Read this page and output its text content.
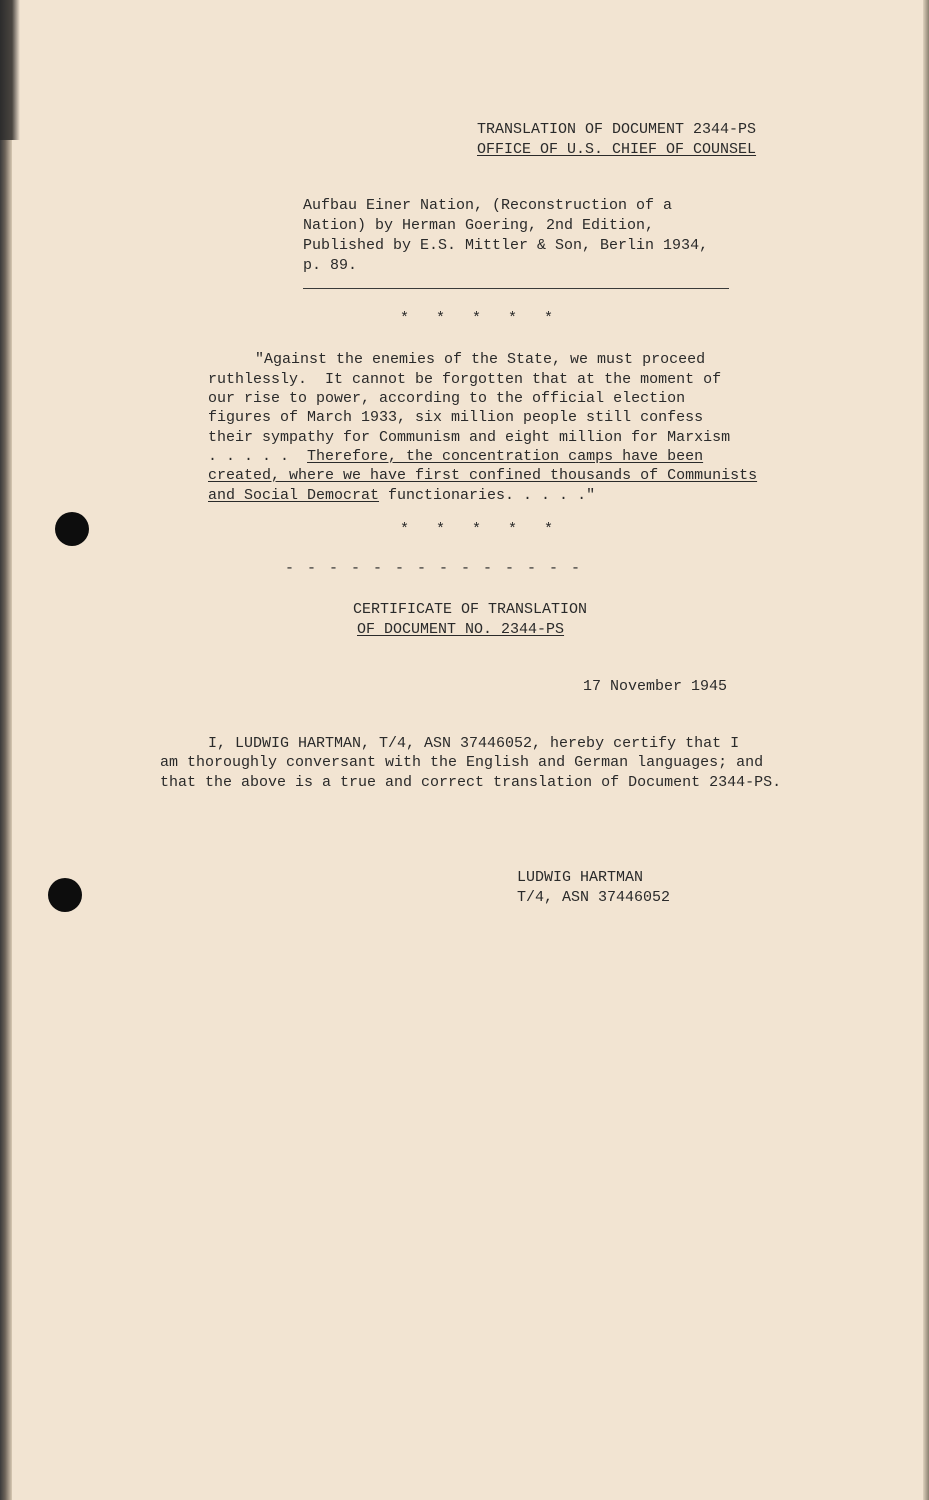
TRANSLATION OF DOCUMENT 2344-PS

OFFICE OF U.S. CHIEF OF COUNSEL

Aufbau Einer Nation, (Reconstruction of a

Nation) by Herman Goering, 2nd Edition,

Published by E.S. Mittler & Son, Berlin 1934,

p. 89.

*   *   *   *   *

"Against the enemies of the State, we must proceed

ruthlessly.  It cannot be forgotten that at the moment of

our rise to power, according to the official election

figures of March 1933, six million people still confess

their sympathy for Communism and eight million for Marxism

. . . . .  Therefore, the concentration camps have been

created, where we have first confined thousands of Communists

and Social Democrat functionaries. . . . ."

*   *   *   *   *
- - - - - - - - - - - - - -

CERTIFICATE OF TRANSLATION

OF DOCUMENT NO. 2344-PS

17 November 1945

I, LUDWIG HARTMAN, T/4, ASN 37446052, hereby certify that I

am thoroughly conversant with the English and German languages; and

that the above is a true and correct translation of Document 2344-PS.

LUDWIG HARTMAN

T/4, ASN 37446052
